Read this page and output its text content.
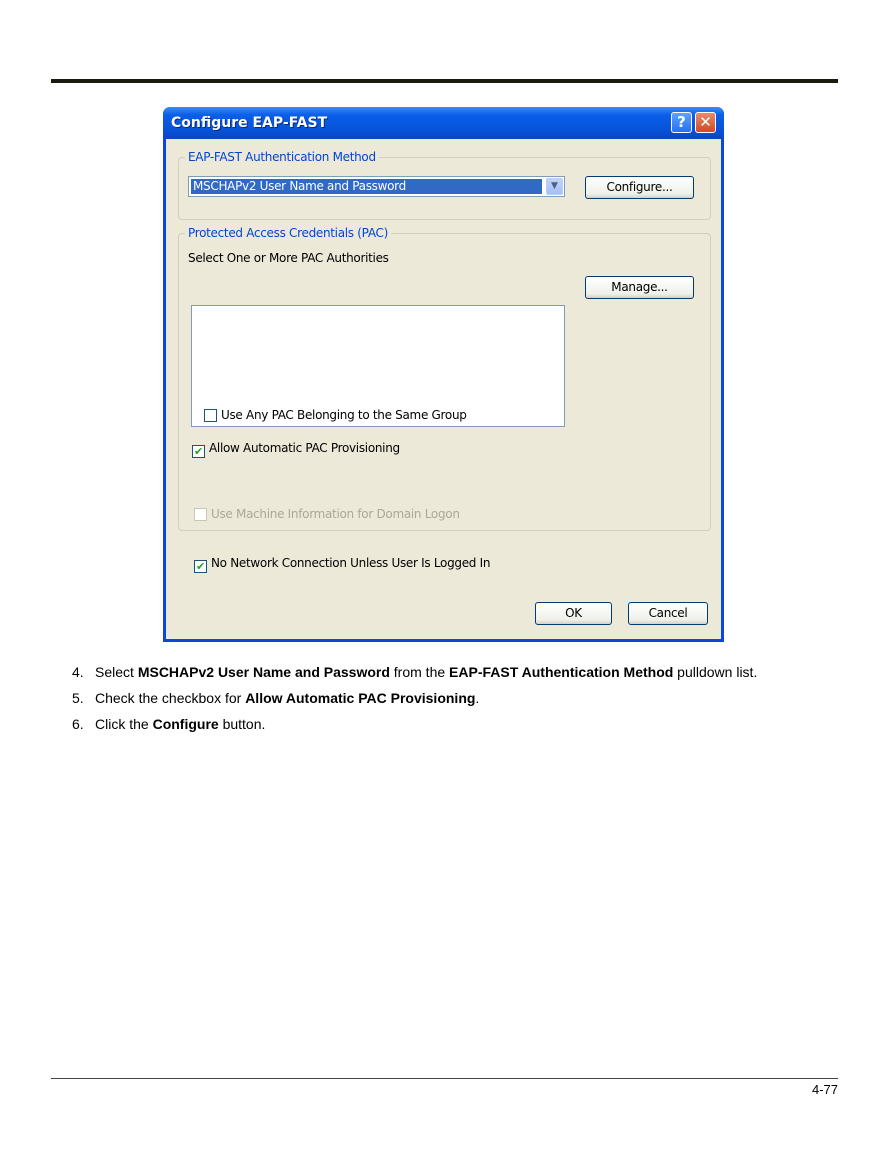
Configure EAP-FAST	? ✕
EAP-FAST Authentication Method
MSCHAPv2 User Name and Password	▼	Configure...
Protected Access Credentials (PAC)
Select One or More PAC Authorities
Manage...
Use Any PAC Belonging to the Same Group
✔ Allow Automatic PAC Provisioning
Use Machine Information for Domain Logon
✔ No Network Connection Unless User Is Logged In
OK	Cancel
4. Select MSCHAPv2 User Name and Password from the EAP-FAST Authentication Method pulldown list.
5. Check the checkbox for Allow Automatic PAC Provisioning.
6. Click the Configure button.
4-77
